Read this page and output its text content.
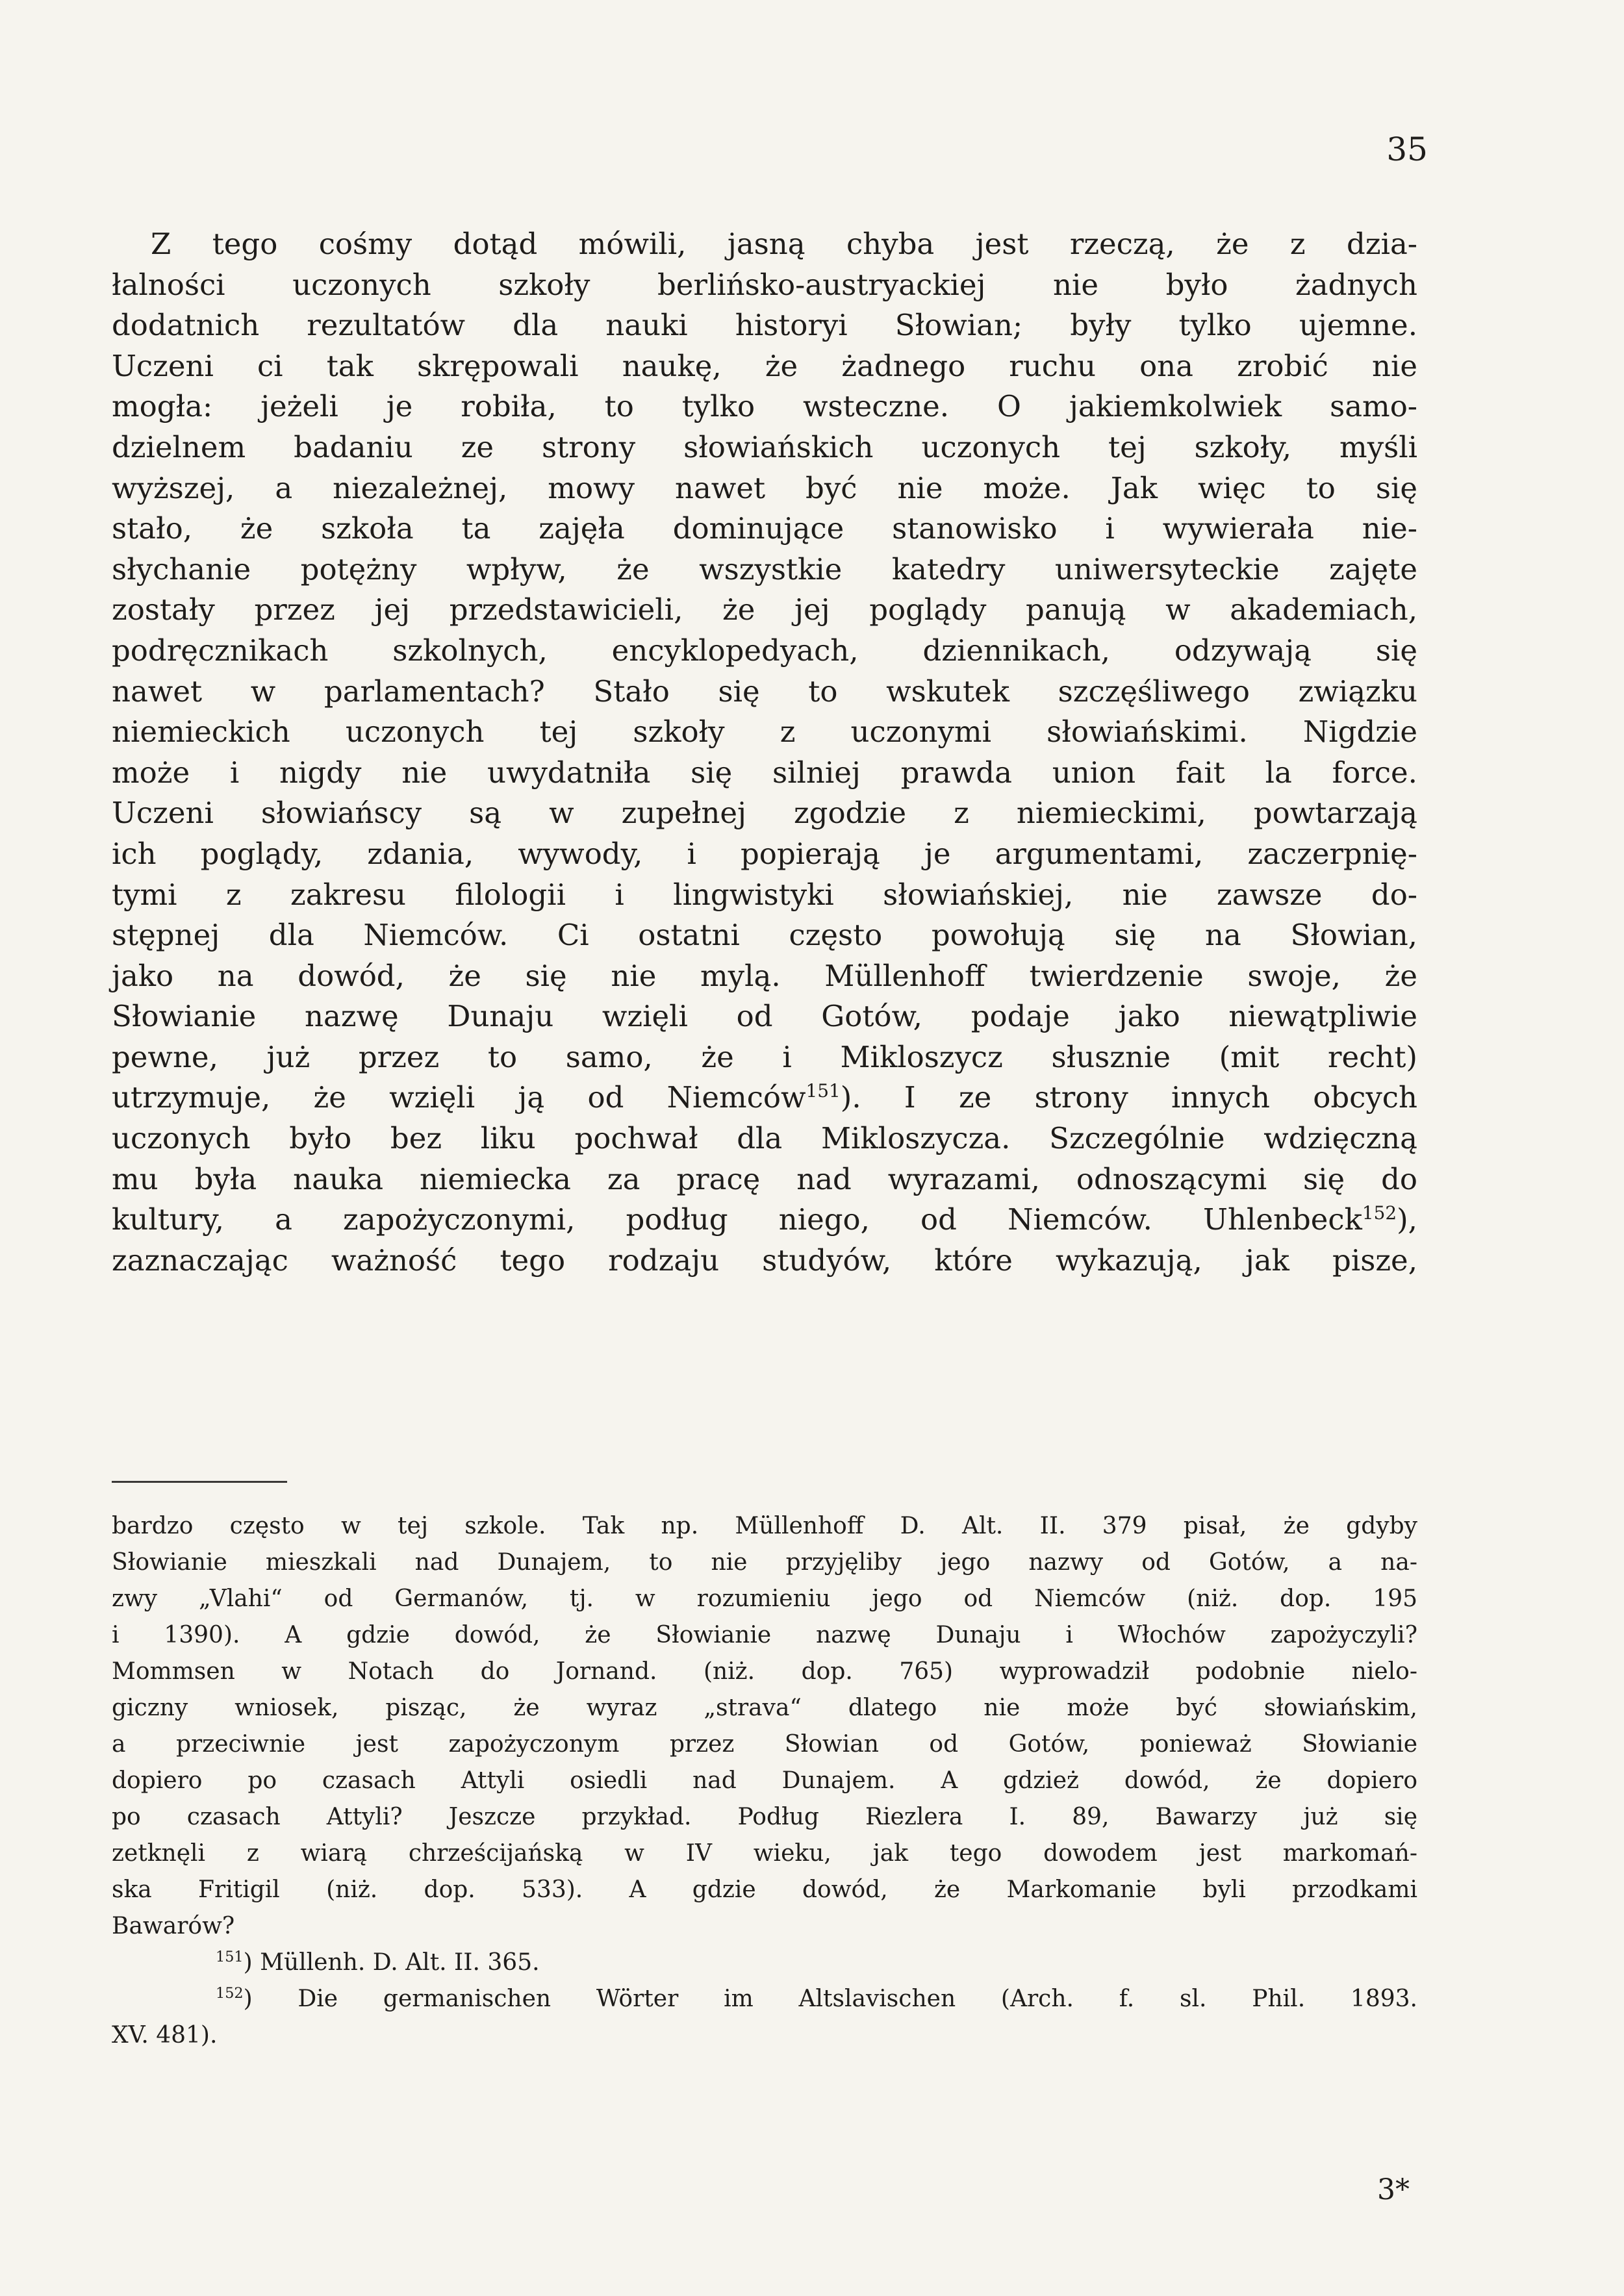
35
Z tego cośmy dotąd mówili, jasną chyba jest rzeczą, że z dzia-
łalności uczonych szkoły berlińsko-austryackiej nie było żadnych
dodatnich rezultatów dla nauki historyi Słowian; były tylko ujemne.
Uczeni ci tak skrępowali naukę, że żadnego ruchu ona zrobić nie
mogła: jeżeli je robiła, to tylko wsteczne. O jakiemkolwiek samo-
dzielnem badaniu ze strony słowiańskich uczonych tej szkoły, myśli
wyższej, a niezależnej, mowy nawet być nie może. Jak więc to się
stało, że szkoła ta zajęła dominujące stanowisko i wywierała nie-
słychanie potężny wpływ, że wszystkie katedry uniwersyteckie zajęte
zostały przez jej przedstawicieli, że jej poglądy panują w akademiach,
podręcznikach szkolnych, encyklopedyach, dziennikach, odzywają się
nawet w parlamentach? Stało się to wskutek szczęśliwego związku
niemieckich uczonych tej szkoły z uczonymi słowiańskimi. Nigdzie
może i nigdy nie uwydatniła się silniej prawda union fait la force.
Uczeni słowiańscy są w zupełnej zgodzie z niemieckimi, powtarzają
ich poglądy, zdania, wywody, i popierają je argumentami, zaczerpnię-
tymi z zakresu filologii i lingwistyki słowiańskiej, nie zawsze do-
stępnej dla Niemców. Ci ostatni często powołują się na Słowian,
jako na dowód, że się nie mylą. Müllenhoff twierdzenie swoje, że
Słowianie nazwę Dunaju wzięli od Gotów, podaje jako niewątpliwie
pewne, już przez to samo, że i Mikloszycz słusznie (mit recht)
utrzymuje, że wzięli ją od Niemców$^{151}$). I ze strony innych obcych
uczonych było bez liku pochwał dla Mikloszycza. Szczególnie wdzięczną
mu była nauka niemiecka za pracę nad wyrazami, odnoszącymi się do
kultury, a zapożyczonymi, podług niego, od Niemców. Uhlenbeck$^{152}$),
zaznaczając ważność tego rodzaju studyów, które wykazują, jak pisze,
bardzo często w tej szkole. Tak np. Müllenhoff D. Alt. II. 379 pisał, że gdyby
Słowianie mieszkali nad Dunajem, to nie przyjęliby jego nazwy od Gotów, a na-
zwy „Vlahi“ od Germanów, tj. w rozumieniu jego od Niemców (niż. dop. 195
i 1390). A gdzie dowód, że Słowianie nazwę Dunaju i Włochów zapożyczyli?
Mommsen w Notach do Jornand. (niż. dop. 765) wyprowadził podobnie nielo-
giczny wniosek, pisząc, że wyraz „strava“ dlatego nie może być słowiańskim,
a przeciwnie jest zapożyczonym przez Słowian od Gotów, ponieważ Słowianie
dopiero po czasach Attyli osiedli nad Dunajem. A gdzież dowód, że dopiero
po czasach Attyli? Jeszcze przykład. Podług Riezlera I. 89, Bawarzy już się
zetknęli z wiarą chrześcijańską w IV wieku, jak tego dowodem jest markomań-
ska Fritigil (niż. dop. 533). A gdzie dowód, że Markomanie byli przodkami
Bawarów?
$^{151}$) Müllenh. D. Alt. II. 365.
$^{152}$) Die germanischen Wörter im Altslavischen (Arch. f. sl. Phil. 1893.
XV. 481).
3*
